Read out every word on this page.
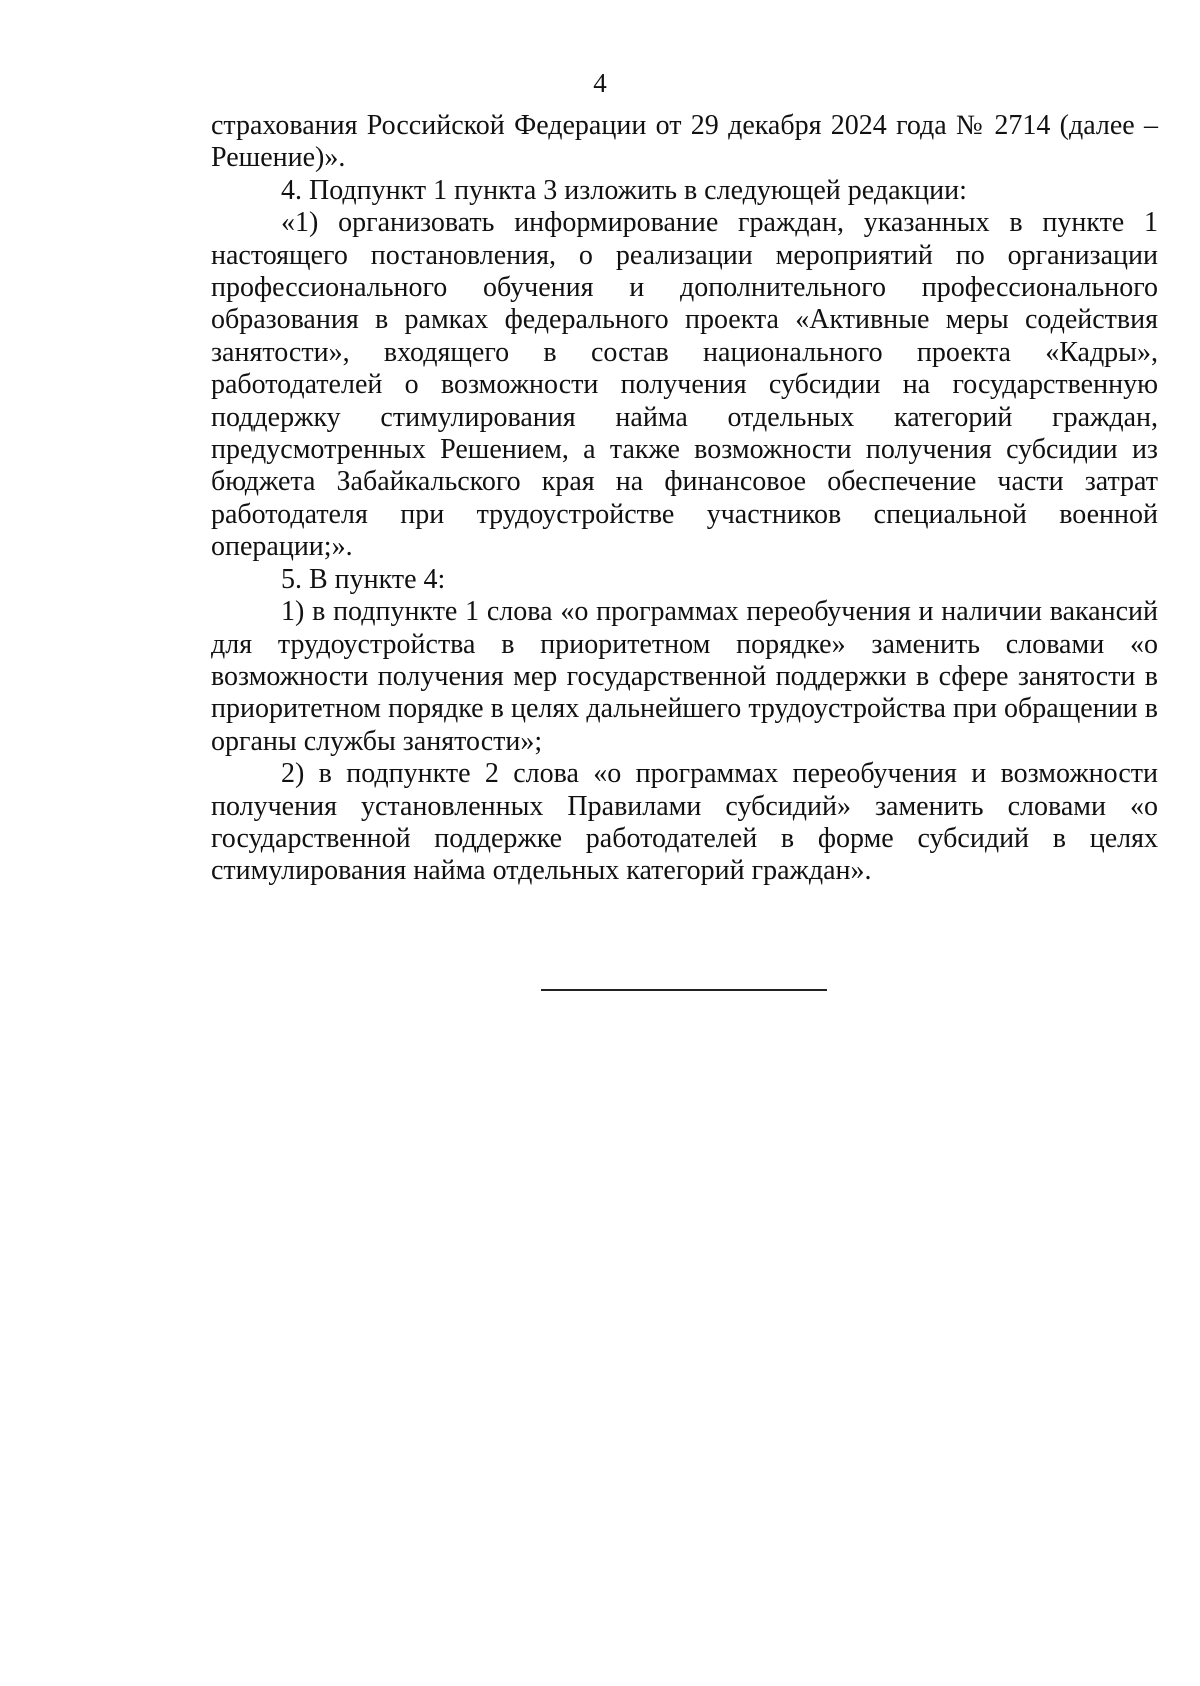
4

страхования Российской Федерации от 29 декабря 2024 года № 2714 (далее – Решение)».

4. Подпункт 1 пункта 3 изложить в следующей редакции:

«1) организовать информирование граждан, указанных в пункте 1 настоящего постановления, о реализации мероприятий по организации профессионального обучения и дополнительного профессионального образования в рамках федерального проекта «Активные меры содействия занятости», входящего в состав национального проекта «Кадры», работодателей о возможности получения субсидии на государственную поддержку стимулирования найма отдельных категорий граждан, предусмотренных Решением, а также возможности получения субсидии из бюджета Забайкальского края на финансовое обеспечение части затрат работодателя при трудоустройстве участников специальной военной операции;».

5. В пункте 4:

1) в подпункте 1 слова «о программах переобучения и наличии вакансий для трудоустройства в приоритетном порядке» заменить словами «о возможности получения мер государственной поддержки в сфере занятости в приоритетном порядке в целях дальнейшего трудоустройства при обращении в органы службы занятости»;

2) в подпункте 2 слова «о программах переобучения и возможности получения установленных Правилами субсидий» заменить словами «о государственной поддержке работодателей в форме субсидий в целях стимулирования найма отдельных категорий граждан».
